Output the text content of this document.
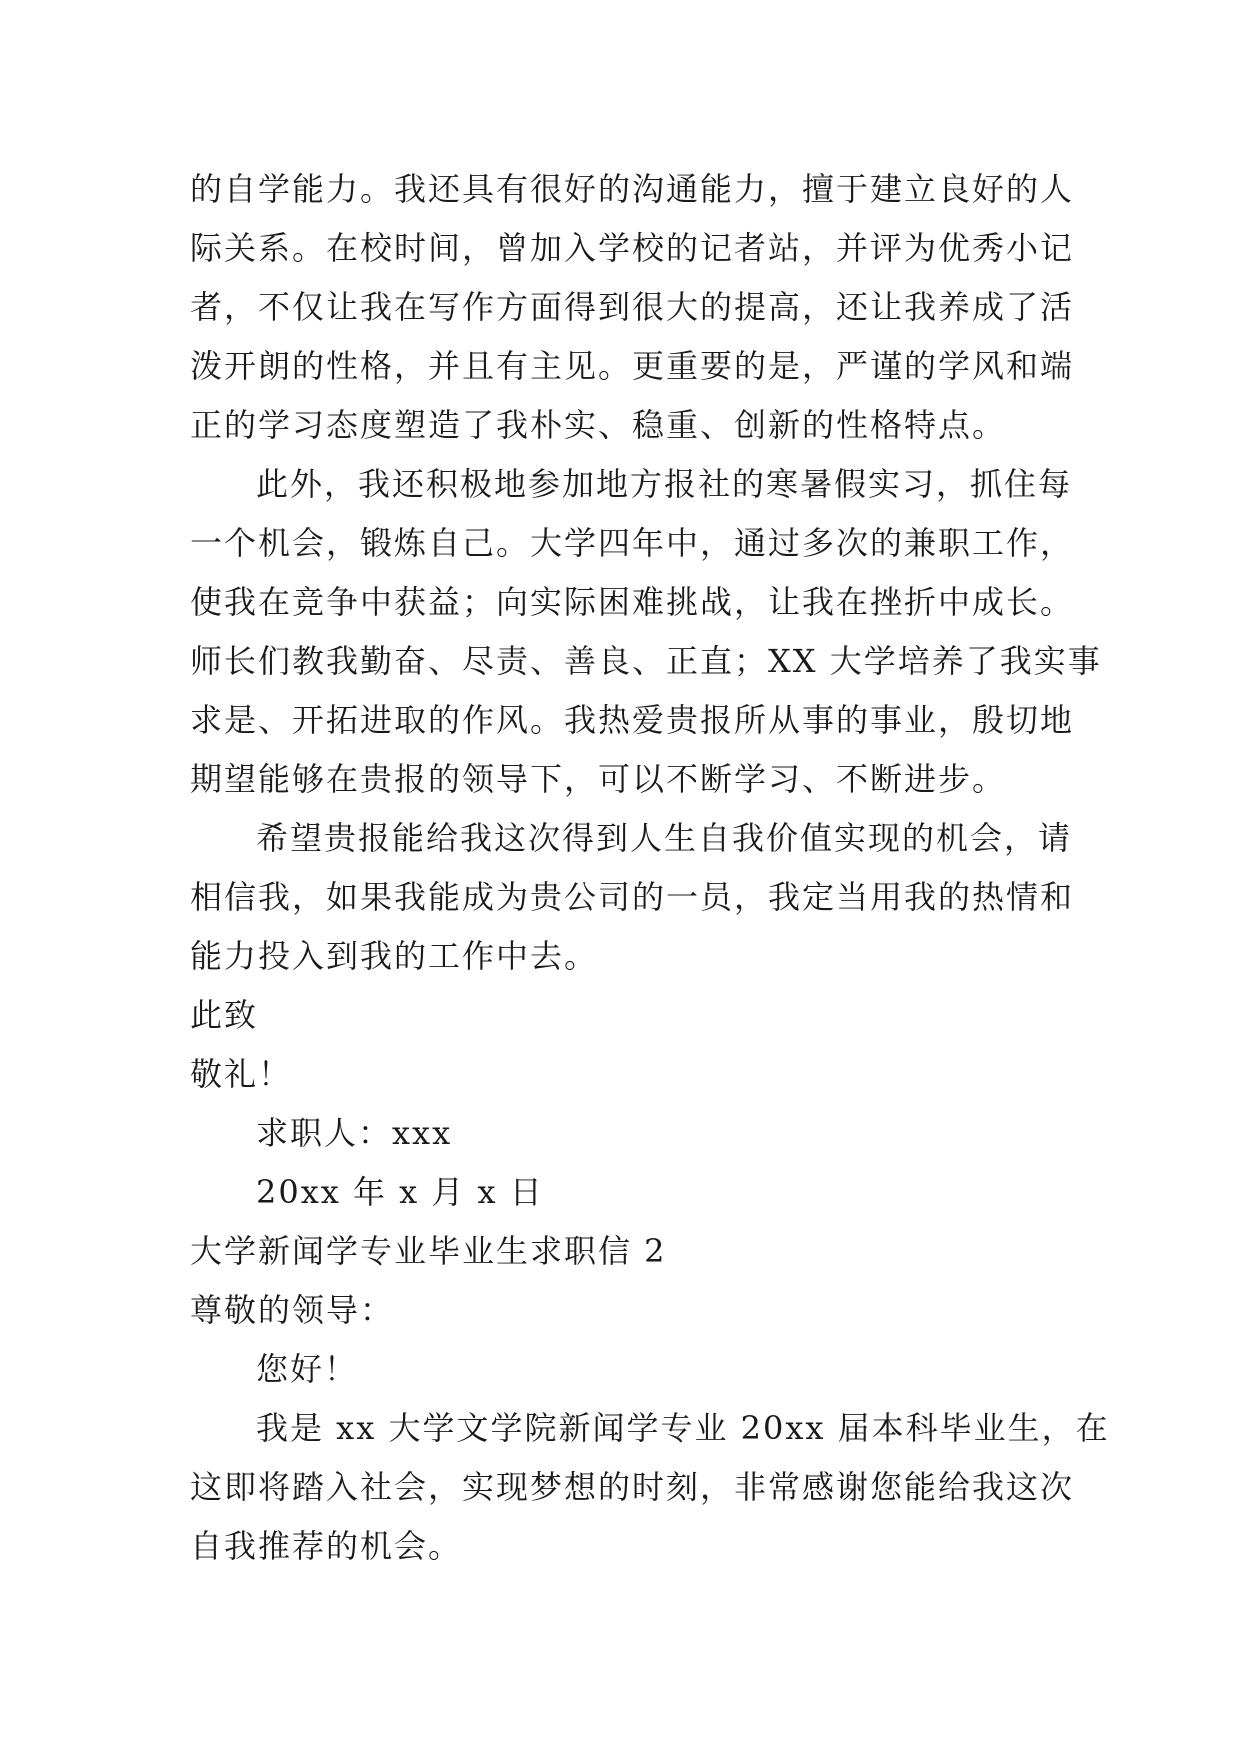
的自学能力。我还具有很好的沟通能力，擅于建立良好的人
际关系。在校时间，曾加入学校的记者站，并评为优秀小记
者，不仅让我在写作方面得到很大的提高，还让我养成了活
泼开朗的性格，并且有主见。更重要的是，严谨的学风和端
正的学习态度塑造了我朴实、稳重、创新的性格特点。
此外，我还积极地参加地方报社的寒暑假实习，抓住每
一个机会，锻炼自己。大学四年中，通过多次的兼职工作，
使我在竞争中获益；向实际困难挑战，让我在挫折中成长。
师长们教我勤奋、尽责、善良、正直；XX 大学培养了我实事
求是、开拓进取的作风。我热爱贵报所从事的事业，殷切地
期望能够在贵报的领导下，可以不断学习、不断进步。
希望贵报能给我这次得到人生自我价值实现的机会，请
相信我，如果我能成为贵公司的一员，我定当用我的热情和
能力投入到我的工作中去。
此致
敬礼！
求职人：xxx
20xx 年 x 月 x 日
大学新闻学专业毕业生求职信 2
尊敬的领导：
您好！
我是 xx 大学文学院新闻学专业 20xx 届本科毕业生，在
这即将踏入社会，实现梦想的时刻，非常感谢您能给我这次
自我推荐的机会。
